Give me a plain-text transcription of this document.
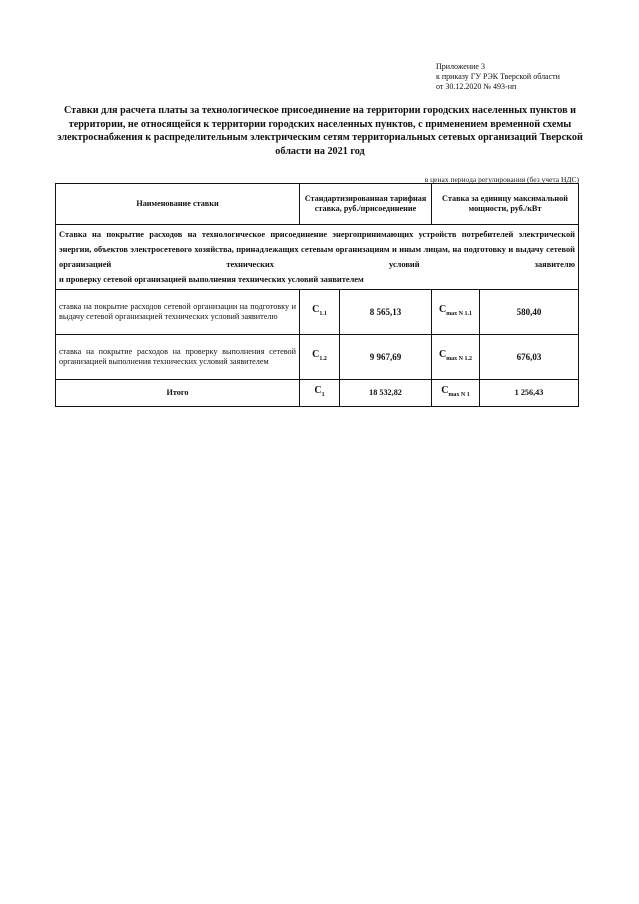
Приложение 3
к приказу ГУ РЭК Тверской области
от 30.12.2020 № 493-нп
Ставки для расчета платы за технологическое присоединение на территории городских населенных пунктов и территории, не относящейся к территории городских населенных пунктов, с применением временной схемы электроснабжения к распределительным электрическим сетям территориальных сетевых организаций Тверской области на 2021 год
в ценах периода регулирования (без учета НДС)
Наименование ставки	Стандартизированная тарифная ставка, руб./присоединение		Ставка за единицу максимальной мощности, руб./кВт	
Ставка на покрытие расходов на технологическое присоединение энергопринимающих устройств потребителей электрической энергии, объектов электросетевого хозяйства, принадлежащих сетевым организациям и иным лицам, на подготовку и выдачу сетевой организацией технических условий заявителю
и проверку сетевой организацией выполнения технических условий заявителем				

ставка на покрытие расходов сетевой организации на подготовку и выдачу сетевой организацией технических условий заявителю	$C_{1.1}$	8 565,13	$C_{max N 1.1}$	580,40
ставка на покрытие расходов на проверку выполнения сетевой организацией выполнения технических условий заявителем	$C_{1.2}$	9 967,69	$C_{max N 1.2}$	676,03
Итого	$C_1$	18 532,82	$C_{max N 1}$	1 256,43
